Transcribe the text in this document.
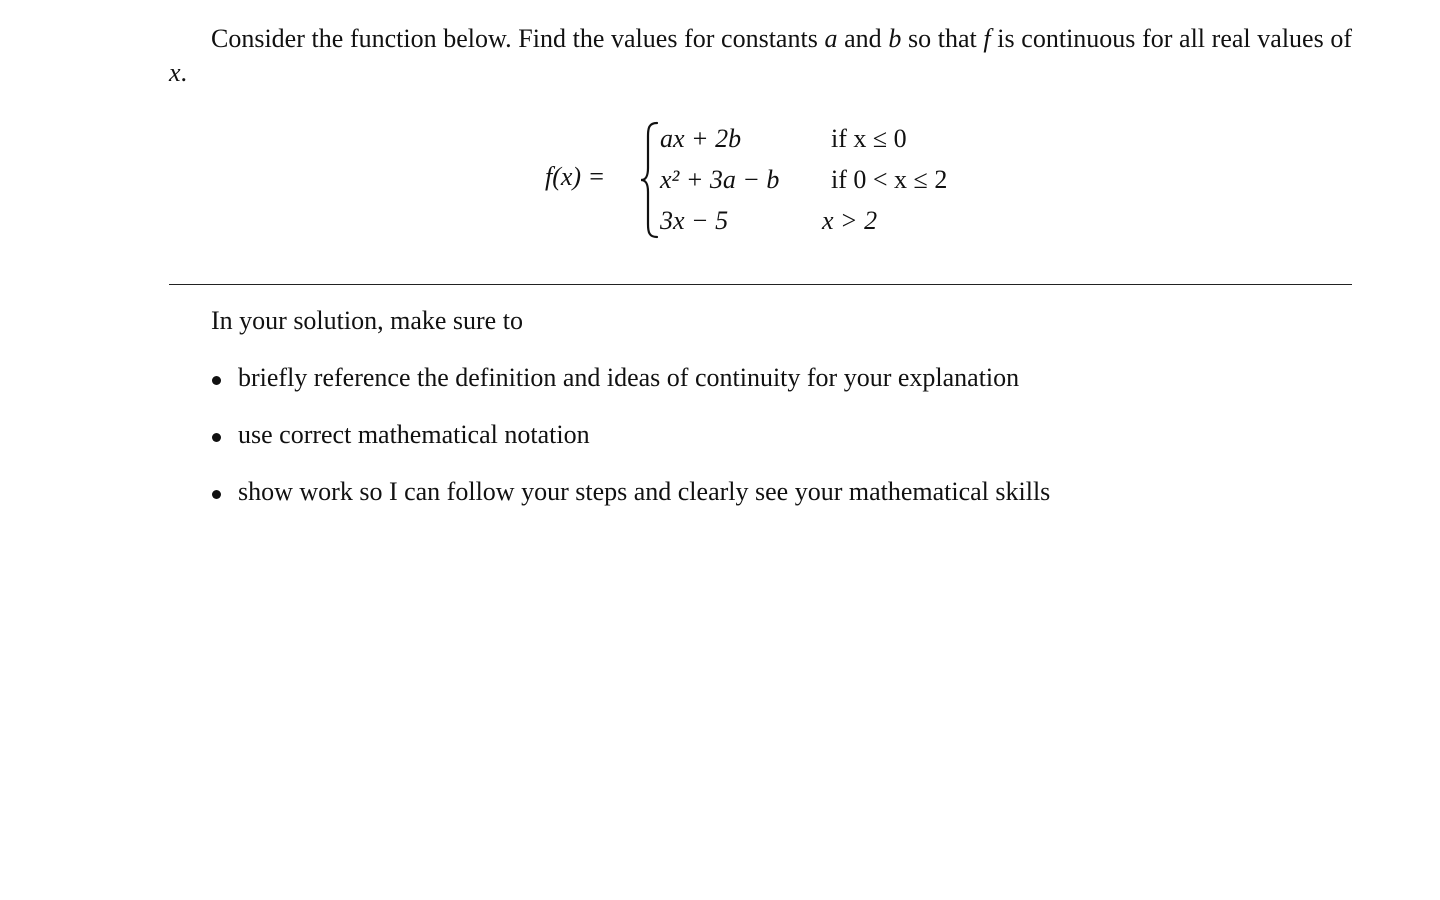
Consider the function below. Find the values for constants a and b so that f is continuous for all real values of x.

f(x) =
ax + 2b	if x ≤ 0
x² + 3a − b if 0 < x ≤ 2
3x − 5	x > 2

In your solution, make sure to

briefly reference the definition and ideas of continuity for your explanation
use correct mathematical notation
show work so I can follow your steps and clearly see your mathematical skills
